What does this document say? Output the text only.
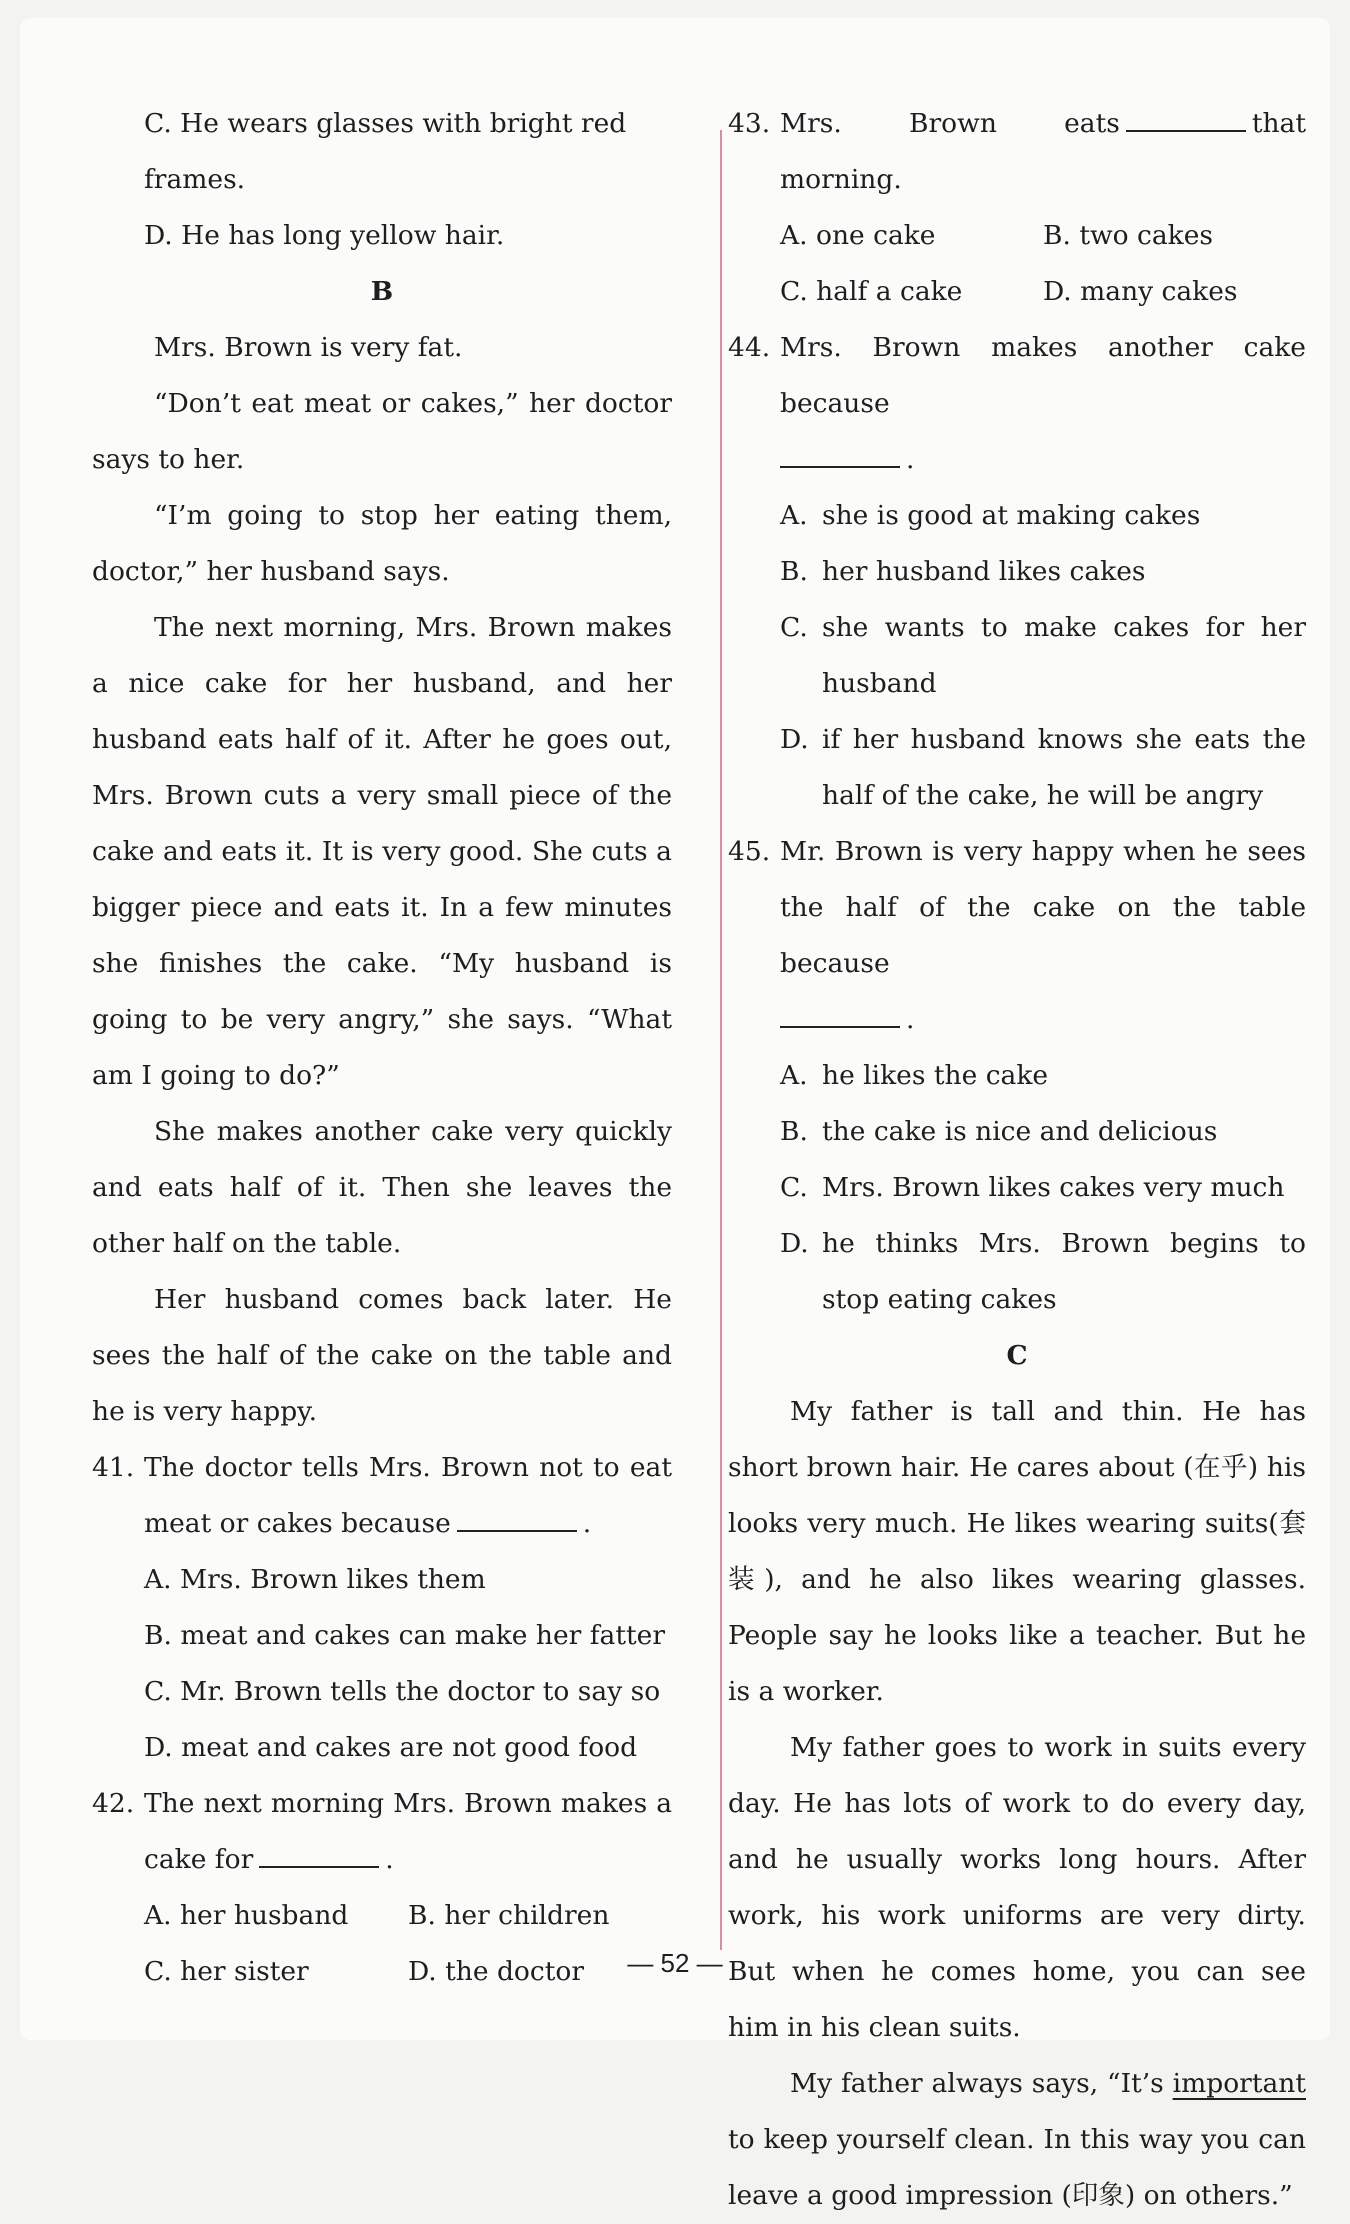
C. He wears glasses with bright red frames.

D. He has long yellow hair.

B

Mrs. Brown is very fat.

“Don’t eat meat or cakes,” her doctor says to her.

“I’m going to stop her eating them, doctor,” her husband says.

The next morning, Mrs. Brown makes a nice cake for her husband, and her husband eats half of it. After he goes out, Mrs. Brown cuts a very small piece of the cake and eats it. It is very good. She cuts a bigger piece and eats it. In a few minutes she finishes the cake. “My husband is going to be very angry,” she says. “What am I going to do?”

She makes another cake very quickly and eats half of it. Then she leaves the other half on the table.

Her husband comes back later. He sees the half of the cake on the table and he is very happy.

41. The doctor tells Mrs. Brown not to eat meat or cakes because	.

A. Mrs. Brown likes them

B. meat and cakes can make her fatter

C. Mr. Brown tells the doctor to say so

D. meat and cakes are not good food

42. The next morning Mrs. Brown makes a cake for	.
A. her husband	B. her children
C. her sister	D. the doctor
43. Mrs. Brown eats	that morning.
A. one cake	B. two cakes
C. half a cake	D. many cakes
44. Mrs. Brown makes another cake because
.
A. she is good at making cakes
B. her husband likes cakes
C. she wants to make cakes for her husband
D. if her husband knows she eats the half of the cake, he will be angry
45. Mr. Brown is very happy when he sees the half of the cake on the table because
.
A. he likes the cake
B. the cake is nice and delicious
C. Mrs. Brown likes cakes very much
D. he thinks Mrs. Brown begins to stop eating cakes

C

My father is tall and thin. He has short brown hair. He cares about (在乎) his looks very much. He likes wearing suits(套装), and he also likes wearing glasses. People say he looks like a teacher. But he is a worker.

My father goes to work in suits every day. He has lots of work to do every day, and he usually works long hours. After work, his work uniforms are very dirty. But when he comes home, you can see him in his clean suits.

My father always says, “It’s important to keep yourself clean. In this way you can leave a good impression (印象) on others.”

— 52 —
